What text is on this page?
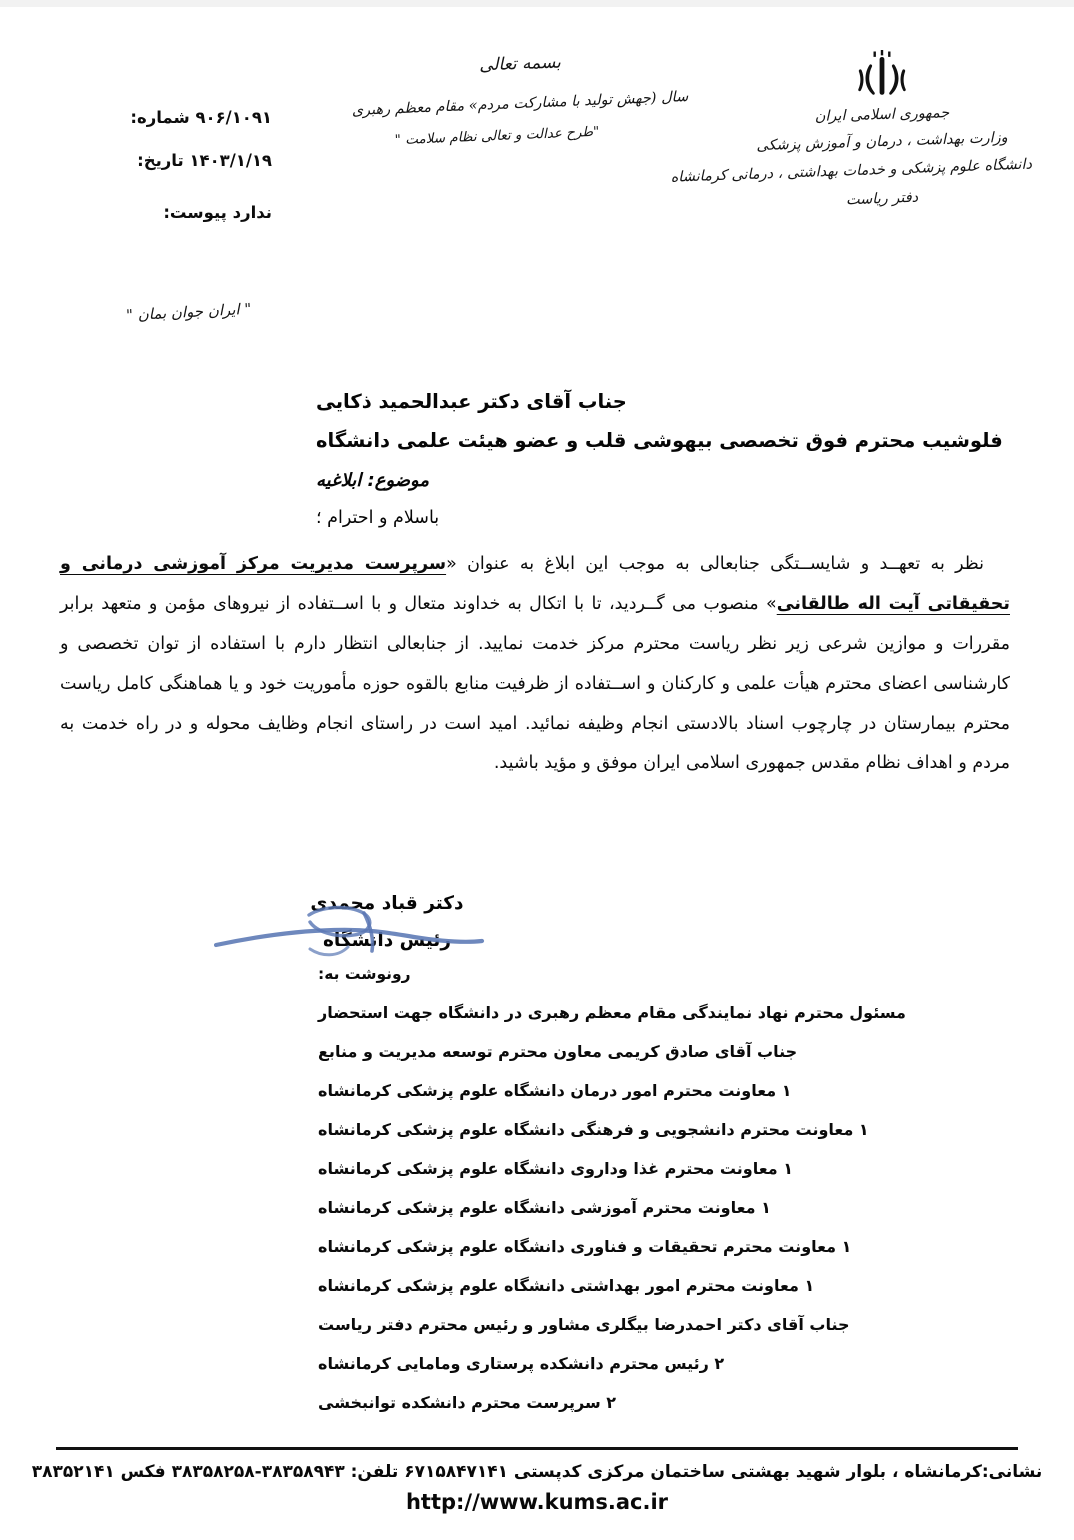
جمهوری اسلامی ایران
وزارت بهداشت ، درمان و آموزش پزشکی
دانشگاه علوم پزشکی و خدمات بهداشتی ، درمانی کرمانشاه
دفتر ریاست
بسمه تعالی
سال (جهش تولید با مشارکت مردم» مقام معظم رهبری
"طرح عدالت و تعالی نظام سلامت "
۹۰۶/۱۰۹۱ شماره:
۱۴۰۳/۱/۱۹ تاریخ:
ندارد پیوست:
" ایران جوان بمان "
جناب آقای دکتر عبدالحمید ذکایی
فلوشیب محترم فوق تخصصی بیهوشی قلب و عضو هیئت علمی دانشگاه
موضوع: ابلاغیه
باسلام و احترام ؛
نظر به تعهــد و شایســتگی جنابعالی به موجب این ابلاغ به عنوان «سرپرست مدیریت مرکز آموزشی درمانی و تحقیقاتی آیت اله طالقانی» منصوب می گــردید، تا با اتکال به خداوند متعال و با اســتفاده از نیروهای مؤمن و متعهد برابر مقررات و موازین شرعی زیر نظر ریاست محترم مرکز خدمت نمایید. از جنابعالی انتظار دارم با استفاده از توان تخصصی و کارشناسی اعضای محترم هیأت علمی و کارکنان و اســتفاده از ظرفیت منابع بالقوه حوزه مأموریت خود و یا هماهنگی کامل ریاست محترم بیمارستان در چارچوب اسناد بالادستی انجام وظیفه نمائید. امید است در راستای انجام وظایف محوله و در راه خدمت به مردم و اهداف نظام مقدس جمهوری اسلامی ایران موفق و مؤید باشید.
دکتر قباد محمدی
رئیس دانشگاه
رونوشت به:
مسئول محترم نهاد نمایندگی مقام معظم رهبری در دانشگاه جهت استحضار
جناب آقای صادق کریمی معاون محترم توسعه مدیریت و منابع
۱ معاونت محترم امور درمان دانشگاه علوم پزشکی کرمانشاه
۱ معاونت محترم دانشجویی و فرهنگی دانشگاه علوم پزشکی کرمانشاه
۱ معاونت محترم غذا وداروی دانشگاه علوم پزشکی کرمانشاه
۱ معاونت محترم آموزشی دانشگاه علوم پزشکی کرمانشاه
۱ معاونت محترم تحقیقات و فناوری دانشگاه علوم پزشکی کرمانشاه
۱ معاونت محترم امور بهداشتی دانشگاه علوم پزشکی کرمانشاه
جناب آقای دکتر احمدرضا بیگلری مشاور و رئیس محترم دفتر ریاست
۲ رئیس محترم دانشکده پرستاری ومامایی کرمانشاه
۲ سرپرست محترم دانشکده توانبخشی
نشانی:کرمانشاه ، بلوار شهید بهشتی ساختمان مرکزی کدپستی ۶۷۱۵۸۴۷۱۴۱ تلفن: ۳۸۳۵۸۹۴۳-۳۸۳۵۸۲۵۸ فکس ۳۸۳۵۲۱۴۱
http://www.kums.ac.ir
